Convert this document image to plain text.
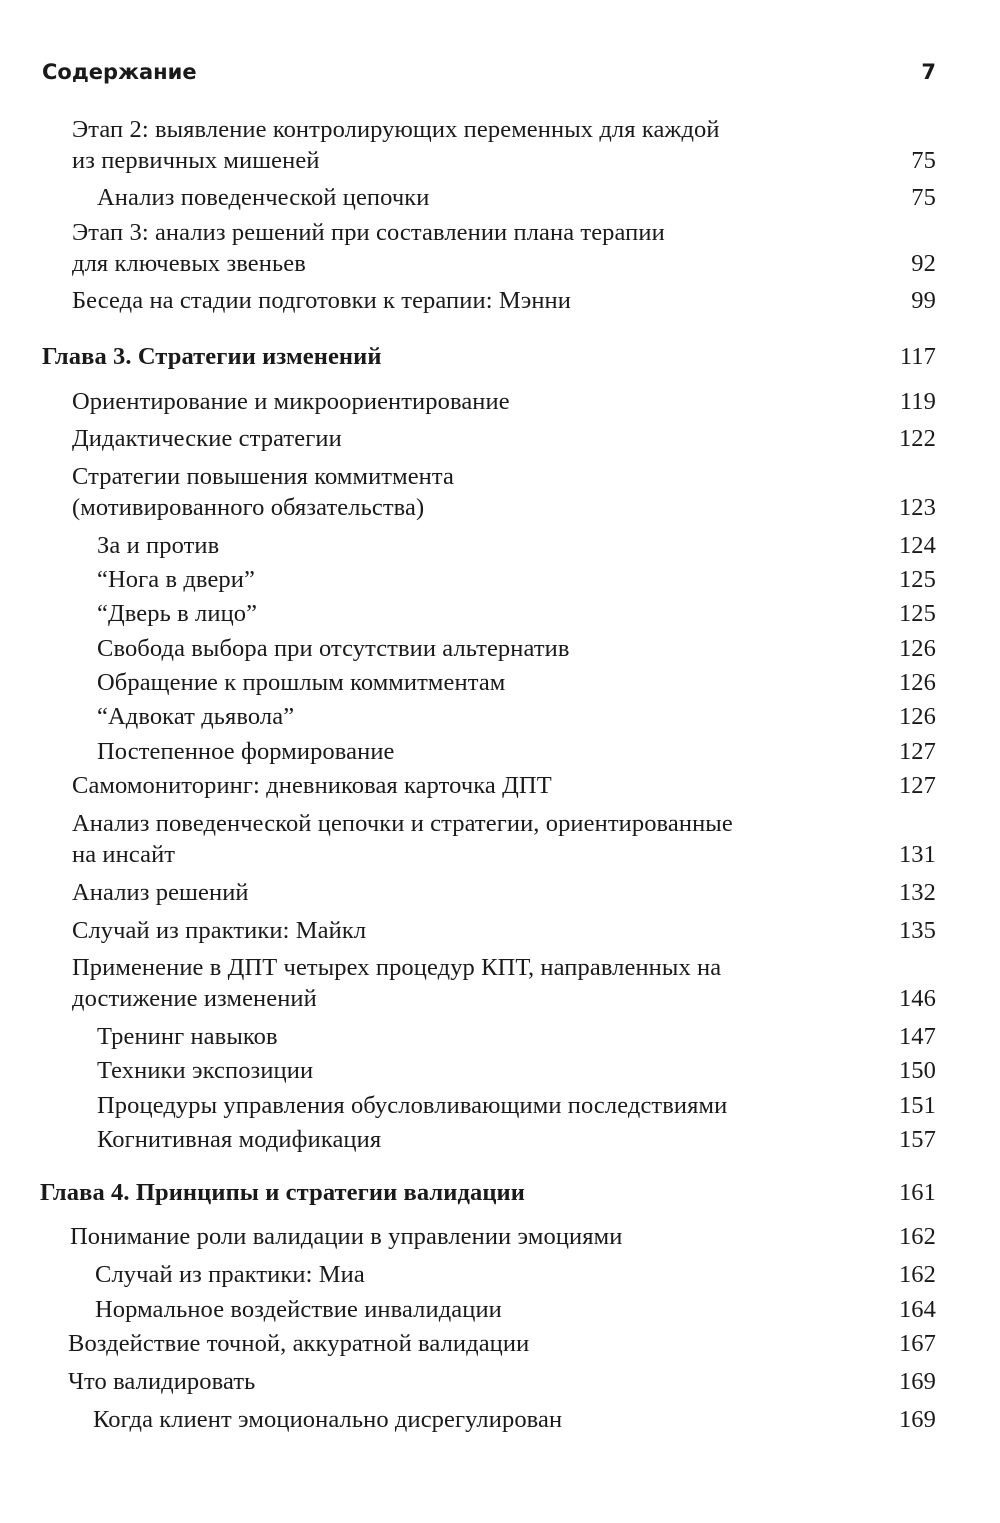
Содержание	7
Этап 2: выявление контролирующих переменных для каждой
из первичных мишеней	75
Анализ поведенческой цепочки	75
Этап 3: анализ решений при составлении плана терапии
для ключевых звеньев	92
Беседа на стадии подготовки к терапии: Мэнни	99
Глава 3. Стратегии изменений	117
Ориентирование и микроориентирование	119
Дидактические стратегии	122
Стратегии повышения коммитмента
(мотивированного обязательства)	123
За и против	124
“Нога в двери”	125
“Дверь в лицо”	125
Свобода выбора при отсутствии альтернатив	126
Обращение к прошлым коммитментам	126
“Адвокат дьявола”	126
Постепенное формирование	127
Самомониторинг: дневниковая карточка ДПТ	127
Анализ поведенческой цепочки и стратегии, ориентированные
на инсайт	131
Анализ решений	132
Случай из практики: Майкл	135
Применение в ДПТ четырех процедур КПТ, направленных на
достижение изменений	146
Тренинг навыков	147
Техники экспозиции	150
Процедуры управления обусловливающими последствиями	151
Когнитивная модификация	157
Глава 4. Принципы и стратегии валидации	161
Понимание роли валидации в управлении эмоциями	162
Случай из практики: Миа	162
Нормальное воздействие инвалидации	164
Воздействие точной, аккуратной валидации	167
Что валидировать	169
Когда клиент эмоционально дисрегулирован	169
